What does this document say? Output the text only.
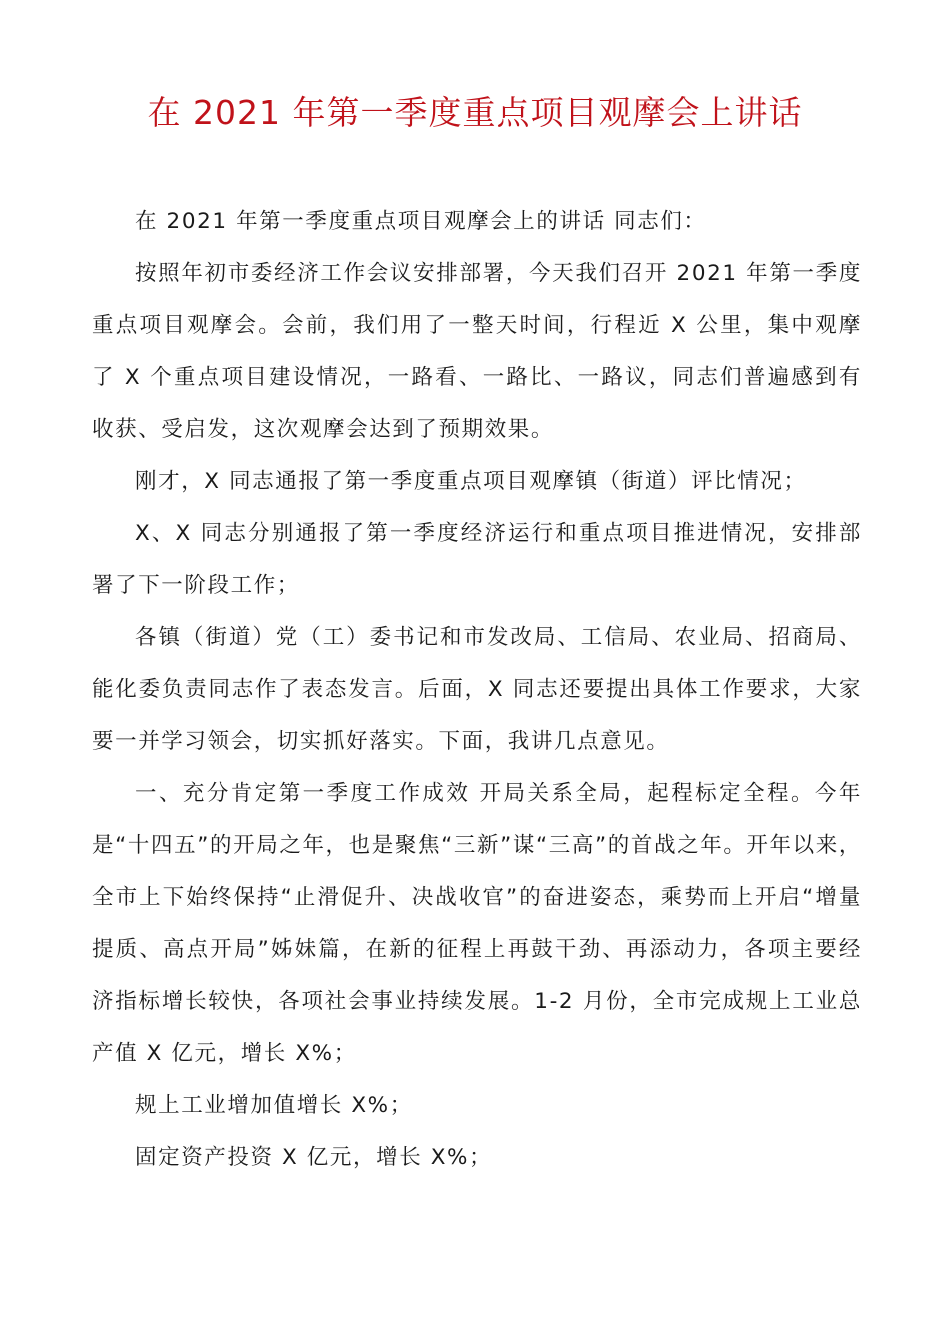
在 2021 年第一季度重点项目观摩会上讲话

在 2021 年第一季度重点项目观摩会上的讲话 同志们：

按照年初市委经济工作会议安排部署，今天我们召开 2021 年第一季度重点项目观摩会。会前，我们用了一整天时间，行程近 X 公里，集中观摩了 X 个重点项目建设情况，一路看、一路比、一路议，同志们普遍感到有收获、受启发，这次观摩会达到了预期效果。

刚才，X 同志通报了第一季度重点项目观摩镇（街道）评比情况；

X、X 同志分别通报了第一季度经济运行和重点项目推进情况，安排部署了下一阶段工作；

各镇（街道）党（工）委书记和市发改局、工信局、农业局、招商局、能化委负责同志作了表态发言。后面，X 同志还要提出具体工作要求，大家要一并学习领会，切实抓好落实。下面，我讲几点意见。

一、充分肯定第一季度工作成效 开局关系全局，起程标定全程。今年是“十四五”的开局之年，也是聚焦“三新”谋“三高”的首战之年。开年以来，全市上下始终保持“止滑促升、决战收官”的奋进姿态，乘势而上开启“增量提质、高点开局”姊妹篇，在新的征程上再鼓干劲、再添动力，各项主要经济指标增长较快，各项社会事业持续发展。1-2 月份，全市完成规上工业总产值 X 亿元，增长 X%；

规上工业增加值增长 X%；

固定资产投资 X 亿元，增长 X%；
